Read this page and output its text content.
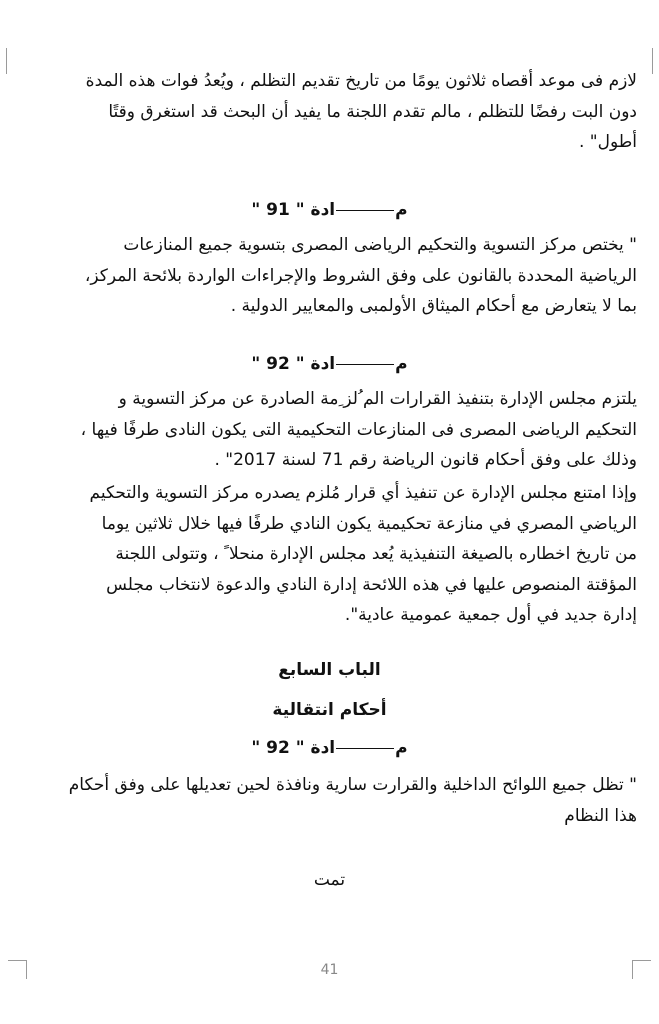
لازم فى موعد أقصاه ثلاثون يومًا من تاريخ تقديم التظلم ، ويُعدُ فوات هذه المدة

دون البت رفضًا للتظلم ، مالم تقدم اللجنة ما يفيد أن البحث قد استغرق وقتًا

أطول" .

مادة " 91 "

" يختص مركز التسوية والتحكيم الرياضى المصرى بتسوية جميع المنازعات

الرياضية المحددة بالقانون على وفق الشروط والإجراءات الواردة بلائحة المركز،

بما لا يتعارض مع أحكام الميثاق الأولمبى والمعايير الدولية .

مادة " 92 "

يلتزم مجلس الإدارة بتنفيذ القرارات الم ُلز ِمة الصادرة عن مركز التسوية و

التحكيم الرياضى المصرى فى المنازعات التحكيمية التى يكون النادى طرفًا فيها ،

وذلك على وفق أحكام قانون الرياضة رقم 71 لسنة 2017" .

وإذا امتنع مجلس الإدارة عن تنفيذ أي قرار مُلزم يصدره مركز التسوية والتحكيم

الرياضي المصري في منازعة تحكيمية يكون النادي طرفًا فيها خلال ثلاثين يوما

من تاريخ اخطاره بالصيغة التنفيذية يُعد مجلس الإدارة منحلا ً ، وتتولى اللجنة

المؤقتة المنصوص عليها في هذه اللائحة إدارة النادي والدعوة لانتخاب مجلس

إدارة جديد في أول جمعية عمومية عادية".

الباب السابع
أحكام انتقالية
مادة " 92 "

" تظل جميع اللوائح الداخلية والقرارت سارية ونافذة لحين تعديلها على وفق أحكام

هذا النظام

تمت
41
